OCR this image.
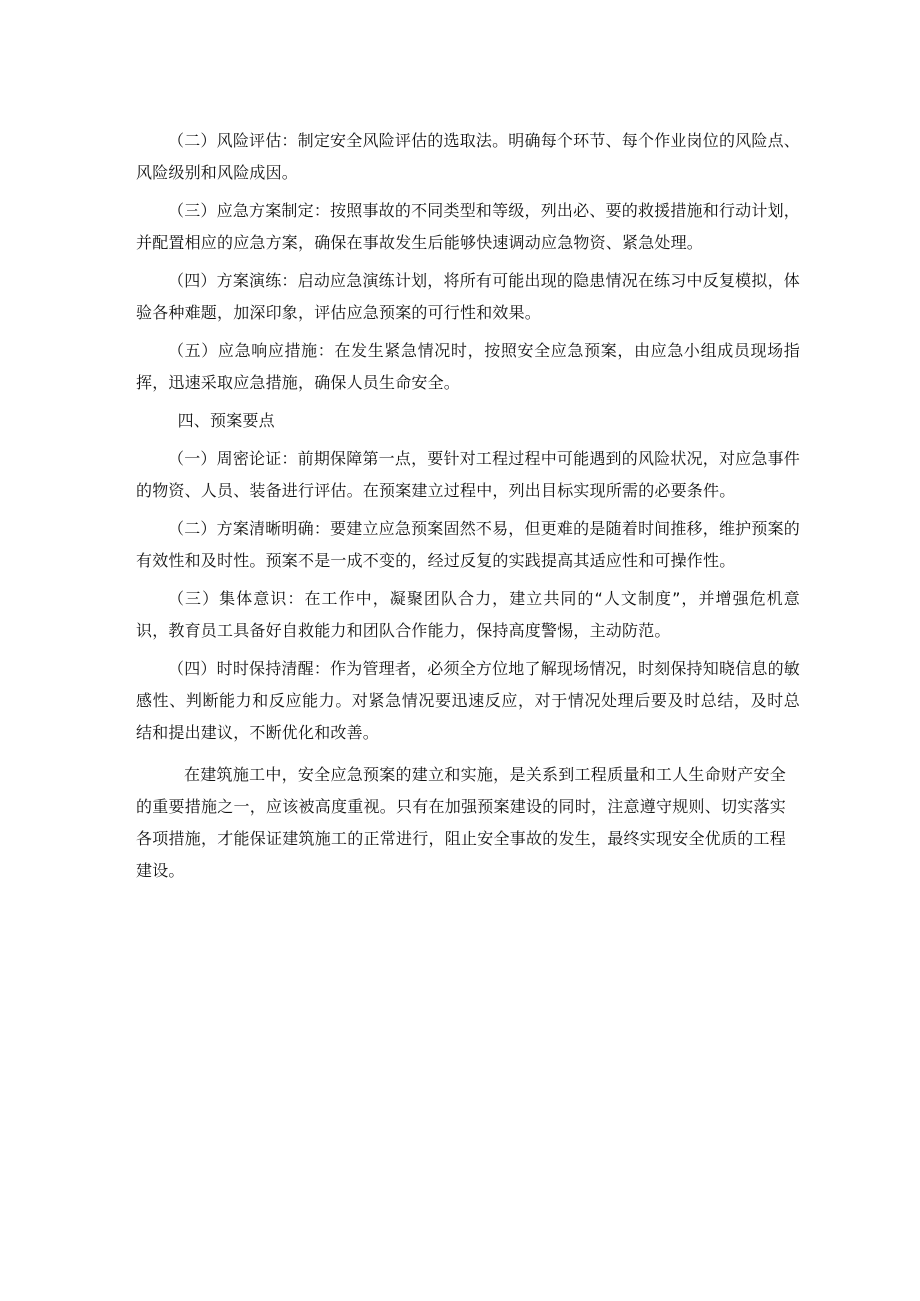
（二）风险评估：制定安全风险评估的选取法。明确每个环节、每个作业岗位的风险点、风险级别和风险成因。

（三）应急方案制定：按照事故的不同类型和等级，列出必、要的救援措施和行动计划，并配置相应的应急方案，确保在事故发生后能够快速调动应急物资、紧急处理。

（四）方案演练：启动应急演练计划，将所有可能出现的隐患情况在练习中反复模拟，体验各种难题，加深印象，评估应急预案的可行性和效果。

（五）应急响应措施：在发生紧急情况时，按照安全应急预案，由应急小组成员现场指挥，迅速采取应急措施，确保人员生命安全。

四、预案要点

（一）周密论证：前期保障第一点，要针对工程过程中可能遇到的风险状况，对应急事件的物资、人员、装备进行评估。在预案建立过程中，列出目标实现所需的必要条件。

（二）方案清晰明确：要建立应急预案固然不易，但更难的是随着时间推移，维护预案的有效性和及时性。预案不是一成不变的，经过反复的实践提高其适应性和可操作性。

（三）集体意识：在工作中，凝聚团队合力，建立共同的“人文制度”，并增强危机意识，教育员工具备好自救能力和团队合作能力，保持高度警惕，主动防范。

（四）时时保持清醒：作为管理者，必须全方位地了解现场情况，时刻保持知晓信息的敏感性、判断能力和反应能力。对紧急情况要迅速反应，对于情况处理后要及时总结，及时总结和提出建议，不断优化和改善。

在建筑施工中，安全应急预案的建立和实施，是关系到工程质量和工人生命财产安全的重要措施之一，应该被高度重视。只有在加强预案建设的同时，注意遵守规则、切实落实各项措施，才能保证建筑施工的正常进行，阻止安全事故的发生，最终实现安全优质的工程建设。
